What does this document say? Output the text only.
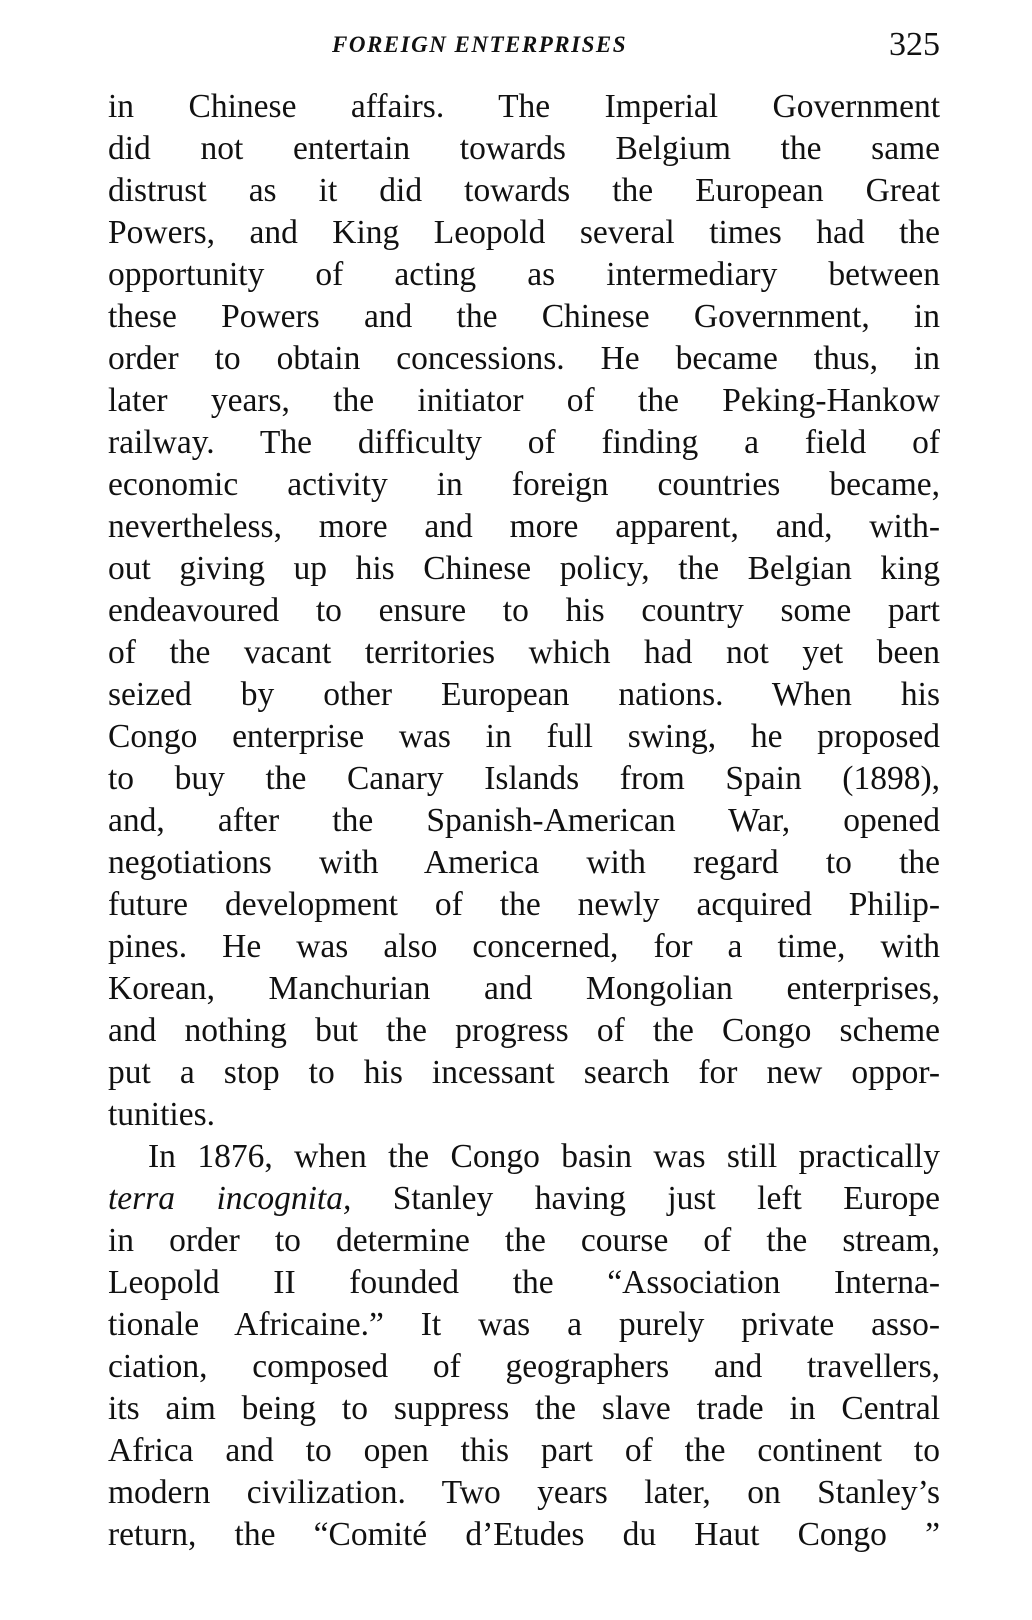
FOREIGN ENTERPRISES	325
in Chinese affairs. The Imperial Government
did not entertain towards Belgium the same
distrust as it did towards the European Great
Powers, and King Leopold several times had the
opportunity of acting as intermediary between
these Powers and the Chinese Government, in
order to obtain concessions. He became thus, in
later years, the initiator of the Peking-Hankow
railway. The difficulty of finding a field of
economic activity in foreign countries became,
nevertheless, more and more apparent, and, with-
out giving up his Chinese policy, the Belgian king
endeavoured to ensure to his country some part
of the vacant territories which had not yet been
seized by other European nations. When his
Congo enterprise was in full swing, he proposed
to buy the Canary Islands from Spain (1898),
and, after the Spanish-American War, opened
negotiations with America with regard to the
future development of the newly acquired Philip-
pines. He was also concerned, for a time, with
Korean, Manchurian and Mongolian enterprises,
and nothing but the progress of the Congo scheme
put a stop to his incessant search for new oppor-
tunities.
In 1876, when the Congo basin was still practically
terra incognita, Stanley having just left Europe
in order to determine the course of the stream,
Leopold II founded the “Association Interna-
tionale Africaine.” It was a purely private asso-
ciation, composed of geographers and travellers,
its aim being to suppress the slave trade in Central
Africa and to open this part of the continent to
modern civilization. Two years later, on Stanley’s
return, the “Comité d’Etudes du Haut Congo ”
